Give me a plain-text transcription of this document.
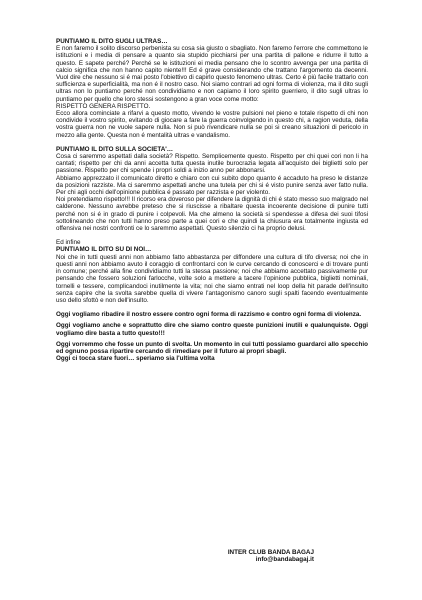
PUNTIAMO IL DITO SUGLI ULTRAS…

E non faremo il solito discorso perbenista su cosa sia giusto o sbagliato. Non faremo l'errore che commettono le istituzioni e i media di pensare a quanto sia stupido picchiarsi per una partita di pallone e ridurre il tutto a questo. E sapete perché? Perché se le istituzioni ei media pensano che lo scontro avvenga per una partita di calcio significa che non hanno capito niente!!! Ed é grave considerando che trattano l'argomento da decenni. Vuol dire che nessuno si é mai posto l'obiettivo di capirlo questo fenomeno ultras. Certo é più facile trattarlo con sufficienza e superficialità, ma non é il nostro caso. Noi siamo contrari ad ogni forma di violenza, ma il dito sugli ultras non lo puntiamo perché non condividiamo e non capiamo il loro spirito guerriero, il dito sugli ultras lo puntiamo per quello che loro stessi sostengono a gran voce come motto:

RISPETTO GENERA RISPETTO.

Ecco allora cominciate a rifarvi a questo motto, vivendo le vostre pulsioni nel pieno e totale rispetto di chi non condivide il vostro spirito, evitando di giocare a fare la guerra coinvolgendo in questo chi, a ragion veduta, della vostra guerra non ne vuole sapere nulla. Non si può rivendicare nulla se poi si creano situazioni di pericolo in mezzo alla gente. Questa non é mentalità ultras e vandalismo.

PUNTIAMO IL DITO SULLA SOCIETA'…

Cosa ci saremmo aspettati dalla società? Rispetto. Semplicemente questo. Rispetto per chi quei cori non li ha cantati; rispetto per chi da anni accetta tutta questa inutile burocrazia legata all'acquisto dei biglietti solo per passione. Rispetto per chi spende i propri soldi a inizio anno per abbonarsi.

Abbiamo apprezzato il comunicato diretto e chiaro con cui subito dopo quanto é accaduto ha preso le distanze da posizioni razziste. Ma ci saremmo aspettati anche una tutela per chi si é visto punire senza aver fatto nulla. Per chi agli occhi dell'opinione pubblica é passato per razzista e per violento.

Noi pretendiamo rispetto!!! Il ricorso era doveroso per difendere la dignità di chi é stato messo suo malgrado nel calderone. Nessuno avrebbe preteso che si riuscisse a ribaltare questa incoerente decisione di punire tutti perché non si é in grado di punire i colpevoli. Ma che almeno la società si spendesse a difesa dei suoi tifosi sottolineando che non tutti hanno preso parte a quei cori e che quindi la chiusura era totalmente ingiusta ed offensiva nei nostri confronti ce lo saremmo aspettati. Questo silenzio ci ha proprio delusi.

Ed infine

PUNTIAMO IL DITO SU DI NOI…

Noi che in tutti questi anni non abbiamo fatto abbastanza per diffondere una cultura di tifo diversa; noi che in questi anni non abbiamo avuto il coraggio di confrontarci con le curve cercando di conoscerci e di trovare punti in comune; perché alla fine condividiamo tutti la stessa passione; noi che abbiamo accettato passivamente pur pensando che fossero soluzioni farlocche, volte solo a mettere a tacere l'opinione pubblica, biglietti nominali, tornelli e tessere, complicandoci inutilmente la vita; noi che siamo entrati nel loop della hit parade dell'insulto senza capire che la svolta sarebbe quella di vivere l'antagonismo canoro sugli spalti facendo eventualmente uso dello sfottò e non dell'insulto.

Oggi vogliamo ribadire il nostro essere contro ogni forma di razzismo e contro ogni forma di violenza.

Oggi vogliamo anche e soprattutto dire che siamo contro queste punizioni inutili e qualunquiste. Oggi vogliamo dire basta a tutto questo!!!

Oggi vorremmo che fosse un punto di svolta. Un momento in cui tutti possiamo guardarci allo specchio ed ognuno possa ripartire cercando di rimediare per il futuro ai propri sbagli.

Oggi ci tocca stare fuori… speriamo sia l'ultima volta

INTER CLUB BANDA BAGAJ
info@bandabagaj.it
